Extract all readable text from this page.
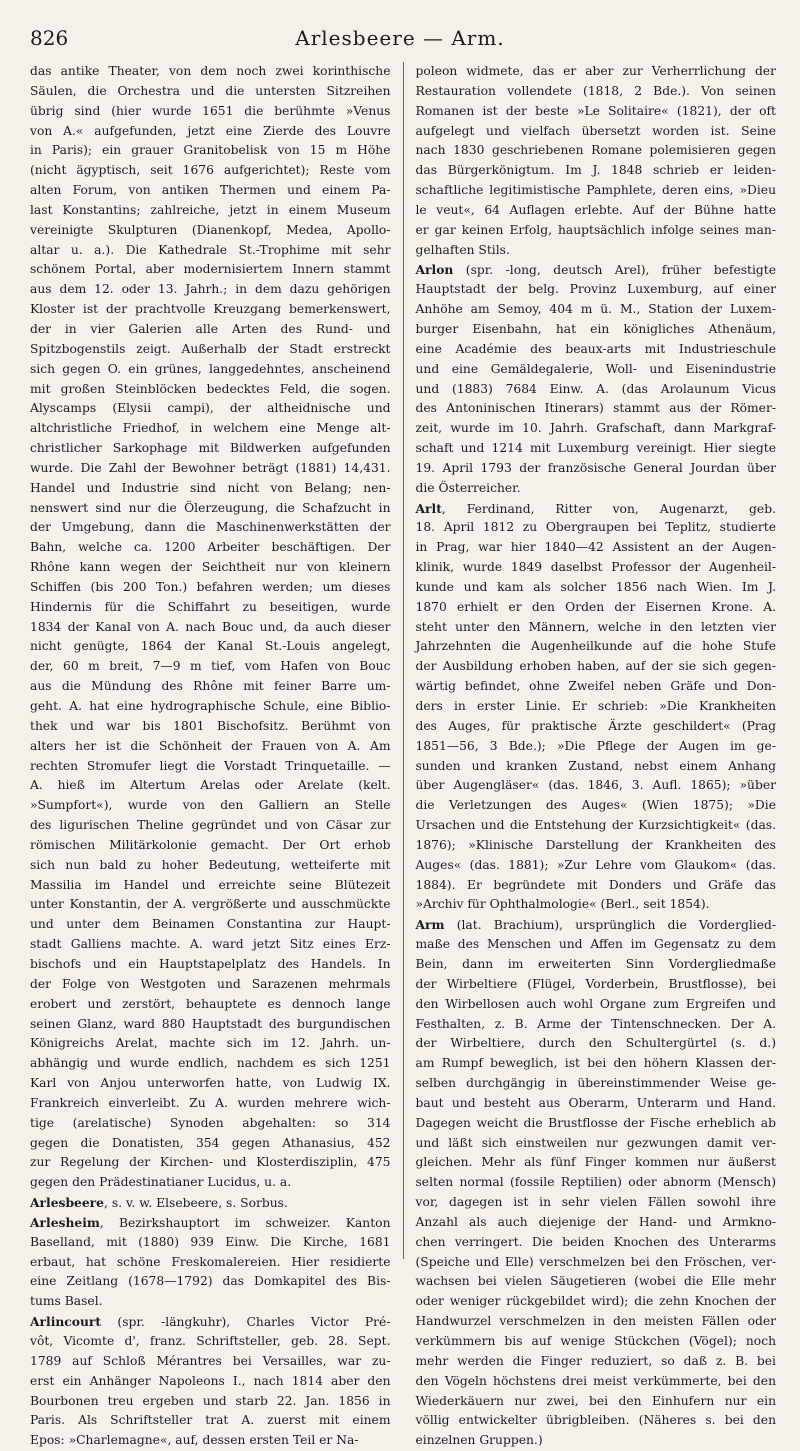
826	Arlesbeere — Arm.
das antike Theater, von dem noch zwei korinthische
Säulen, die Orchestra und die untersten Sitzreihen
übrig sind (hier wurde 1651 die berühmte »Venus
von A.« aufgefunden, jetzt eine Zierde des Louvre
in Paris); ein grauer Granitobelisk von 15 m Höhe
(nicht ägyptisch, seit 1676 aufgerichtet); Reste vom
alten Forum, von antiken Thermen und einem Pa-
last Konstantins; zahlreiche, jetzt in einem Museum
vereinigte Skulpturen (Dianenkopf, Medea, Apollo-
altar u. a.). Die Kathedrale St.-Trophime mit sehr
schönem Portal, aber modernisiertem Innern stammt
aus dem 12. oder 13. Jahrh.; in dem dazu gehörigen
Kloster ist der prachtvolle Kreuzgang bemerkenswert,
der in vier Galerien alle Arten des Rund- und
Spitzbogenstils zeigt. Außerhalb der Stadt erstreckt
sich gegen O. ein grünes, langgedehntes, anscheinend
mit großen Steinblöcken bedecktes Feld, die sogen.
Alyscamps (Elysii campi), der altheidnische und
altchristliche Friedhof, in welchem eine Menge alt-
christlicher Sarkophage mit Bildwerken aufgefunden
wurde. Die Zahl der Bewohner beträgt (1881) 14,431.
Handel und Industrie sind nicht von Belang; nen-
nenswert sind nur die Ölerzeugung, die Schafzucht in
der Umgebung, dann die Maschinenwerkstätten der
Bahn, welche ca. 1200 Arbeiter beschäftigen. Der
Rhône kann wegen der Seichtheit nur von kleinern
Schiffen (bis 200 Ton.) befahren werden; um dieses
Hindernis für die Schiffahrt zu beseitigen, wurde
1834 der Kanal von A. nach Bouc und, da auch dieser
nicht genügte, 1864 der Kanal St.-Louis angelegt,
der, 60 m breit, 7—9 m tief, vom Hafen von Bouc
aus die Mündung des Rhône mit feiner Barre um-
geht. A. hat eine hydrographische Schule, eine Biblio-
thek und war bis 1801 Bischofsitz. Berühmt von
alters her ist die Schönheit der Frauen von A. Am
rechten Stromufer liegt die Vorstadt Trinquetaille. —
A. hieß im Altertum Arelas oder Arelate (kelt.
»Sumpfort«), wurde von den Galliern an Stelle
des ligurischen Theline gegründet und von Cäsar zur
römischen Militärkolonie gemacht. Der Ort erhob
sich nun bald zu hoher Bedeutung, wetteiferte mit
Massilia im Handel und erreichte seine Blütezeit
unter Konstantin, der A. vergrößerte und ausschmückte
und unter dem Beinamen Constantina zur Haupt-
stadt Galliens machte. A. ward jetzt Sitz eines Erz-
bischofs und ein Hauptstapelplatz des Handels. In
der Folge von Westgoten und Sarazenen mehrmals
erobert und zerstört, behauptete es dennoch lange
seinen Glanz, ward 880 Hauptstadt des burgundischen
Königreichs Arelat, machte sich im 12. Jahrh. un-
abhängig und wurde endlich, nachdem es sich 1251
Karl von Anjou unterworfen hatte, von Ludwig IX.
Frankreich einverleibt. Zu A. wurden mehrere wich-
tige (arelatische) Synoden abgehalten: so 314
gegen die Donatisten, 354 gegen Athanasius, 452
zur Regelung der Kirchen- und Klosterdisziplin, 475
gegen den Prädestinatianer Lucidus, u. a.
Arlesbeere, s. v. w. Elsebeere, s. Sorbus.
Arlesheim, Bezirkshauptort im schweizer. Kanton
Baselland, mit (1880) 939 Einw. Die Kirche, 1681
erbaut, hat schöne Freskomalereien. Hier residierte
eine Zeitlang (1678—1792) das Domkapitel des Bis-
tums Basel.
Arlincourt (spr. -längkuhr), Charles Victor Pré-
vôt, Vicomte d', franz. Schriftsteller, geb. 28. Sept.
1789 auf Schloß Mérantres bei Versailles, war zu-
erst ein Anhänger Napoleons I., nach 1814 aber den
Bourbonen treu ergeben und starb 22. Jan. 1856 in
Paris. Als Schriftsteller trat A. zuerst mit einem
Epos: »Charlemagne«, auf, dessen ersten Teil er Na-
poleon widmete, das er aber zur Verherrlichung der
Restauration vollendete (1818, 2 Bde.). Von seinen
Romanen ist der beste »Le Solitaire« (1821), der oft
aufgelegt und vielfach übersetzt worden ist. Seine
nach 1830 geschriebenen Romane polemisieren gegen
das Bürgerkönigtum. Im J. 1848 schrieb er leiden-
schaftliche legitimistische Pamphlete, deren eins, »Dieu
le veut«, 64 Auflagen erlebte. Auf der Bühne hatte
er gar keinen Erfolg, hauptsächlich infolge seines man-
gelhaften Stils.
Arlon (spr. -long, deutsch Arel), früher befestigte
Hauptstadt der belg. Provinz Luxemburg, auf einer
Anhöhe am Semoy, 404 m ü. M., Station der Luxem-
burger Eisenbahn, hat ein königliches Athenäum,
eine Académie des beaux-arts mit Industrieschule
und eine Gemäldegalerie, Woll- und Eisenindustrie
und (1883) 7684 Einw. A. (das Arolaunum Vicus
des Antoninischen Itinerars) stammt aus der Römer-
zeit, wurde im 10. Jahrh. Grafschaft, dann Markgraf-
schaft und 1214 mit Luxemburg vereinigt. Hier siegte
19. April 1793 der französische General Jourdan über
die Österreicher.
Arlt, Ferdinand, Ritter von, Augenarzt, geb.
18. April 1812 zu Obergraupen bei Teplitz, studierte
in Prag, war hier 1840—42 Assistent an der Augen-
klinik, wurde 1849 daselbst Professor der Augenheil-
kunde und kam als solcher 1856 nach Wien. Im J.
1870 erhielt er den Orden der Eisernen Krone. A.
steht unter den Männern, welche in den letzten vier
Jahrzehnten die Augenheilkunde auf die hohe Stufe
der Ausbildung erhoben haben, auf der sie sich gegen-
wärtig befindet, ohne Zweifel neben Gräfe und Don-
ders in erster Linie. Er schrieb: »Die Krankheiten
des Auges, für praktische Ärzte geschildert« (Prag
1851—56, 3 Bde.); »Die Pflege der Augen im ge-
sunden und kranken Zustand, nebst einem Anhang
über Augengläser« (das. 1846, 3. Aufl. 1865); »über
die Verletzungen des Auges« (Wien 1875); »Die
Ursachen und die Entstehung der Kurzsichtigkeit« (das.
1876); »Klinische Darstellung der Krankheiten des
Auges« (das. 1881); »Zur Lehre vom Glaukom« (das.
1884). Er begründete mit Donders und Gräfe das
»Archiv für Ophthalmologie« (Berl., seit 1854).
Arm (lat. Brachium), ursprünglich die Vorderglied-
maße des Menschen und Affen im Gegensatz zu dem
Bein, dann im erweiterten Sinn Vordergliedmaße
der Wirbeltiere (Flügel, Vorderbein, Brustflosse), bei
den Wirbellosen auch wohl Organe zum Ergreifen und
Festhalten, z. B. Arme der Tintenschnecken. Der A.
der Wirbeltiere, durch den Schultergürtel (s. d.)
am Rumpf beweglich, ist bei den höhern Klassen der-
selben durchgängig in übereinstimmender Weise ge-
baut und besteht aus Oberarm, Unterarm und Hand.
Dagegen weicht die Brustflosse der Fische erheblich ab
und läßt sich einstweilen nur gezwungen damit ver-
gleichen. Mehr als fünf Finger kommen nur äußerst
selten normal (fossile Reptilien) oder abnorm (Mensch)
vor, dagegen ist in sehr vielen Fällen sowohl ihre
Anzahl als auch diejenige der Hand- und Armkno-
chen verringert. Die beiden Knochen des Unterarms
(Speiche und Elle) verschmelzen bei den Fröschen, ver-
wachsen bei vielen Säugetieren (wobei die Elle mehr
oder weniger rückgebildet wird); die zehn Knochen der
Handwurzel verschmelzen in den meisten Fällen oder
verkümmern bis auf wenige Stückchen (Vögel); noch
mehr werden die Finger reduziert, so daß z. B. bei
den Vögeln höchstens drei meist verkümmerte, bei den
Wiederkäuern nur zwei, bei den Einhufern nur ein
völlig entwickelter übrigbleiben. (Näheres s. bei den
einzelnen Gruppen.)
